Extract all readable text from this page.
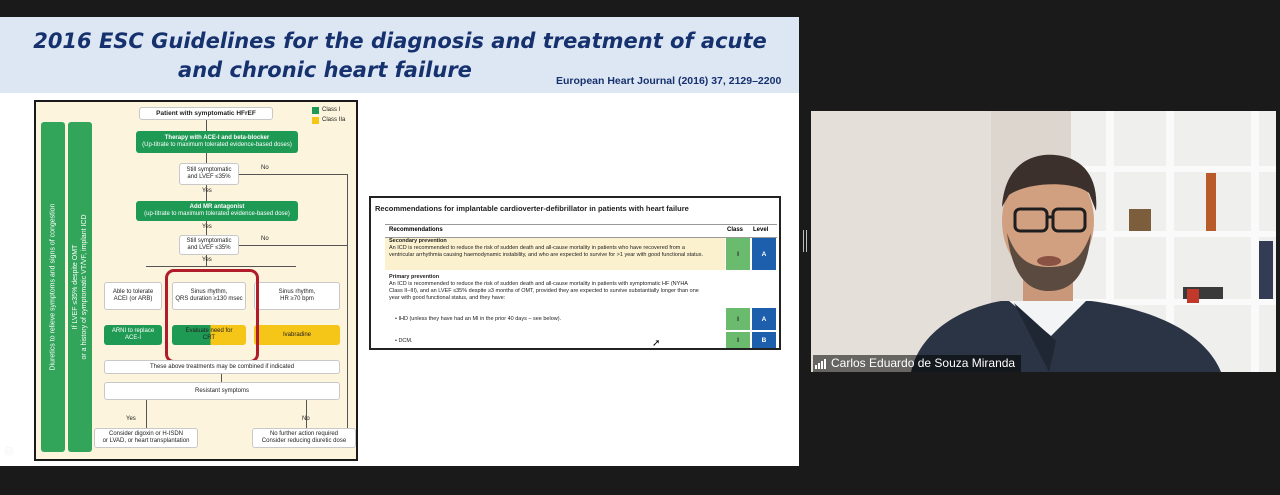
2016 ESC Guidelines for the diagnosis and treatment of acute
and chronic heart failure	European Heart Journal (2016) 37, 2129–2200
Diuretics to relieve symptoms and signs of congestion If LVEF ≤35% despite OMT or a history of symptomatic VT/VF, implant ICD
Class I
Class IIa
Patient with symptomatic HFrEF
Therapy with ACE-I and beta-blocker
(Up-titrate to maximum tolerated evidence-based doses)
Still symptomatic
and LVEF ≤35%
No
Yes
Add MR antagonist
(up-titrate to maximum tolerated evidence-based dose)
Yes
Still symptomatic
and LVEF ≤35%
No
Yes
Able to tolerate
ACEI (or ARB)
Sinus rhythm,
QRS duration ≥130 msec
Sinus rhythm,
HR ≥70 bpm
ARNI to replace
ACE-I
Evaluate need for
CRT	Ivabradine
These above treatments may be combined if indicated
Resistant symptoms
Yes	No
Consider digoxin or H-ISDN
or LVAD, or heart transplantation
No further action required
Consider reducing diuretic dose
Recommendations for implantable cardioverter-defibrillator in patients with heart failure
Recommendations	Class Level
Secondary prevention
An ICD is recommended to reduce the risk of sudden death and all-cause mortality in patients who have recovered from a
ventricular arrhythmia causing haemodynamic instability, and who are expected to survive for >1 year with good functional status.	I	A
Primary prevention
An ICD is recommended to reduce the risk of sudden death and all-cause mortality in patients with symptomatic HF (NYHA
Class II–III), and an LVEF ≤35% despite ≥3 months of OMT, provided they are expected to survive substantially longer than one
year with good functional status, and they have:
• IHD (unless they have had an MI in the prior 40 days – see below).	I	A
• DCM.	I	B
➚
Carlos Eduardo de Souza Miranda
◎
